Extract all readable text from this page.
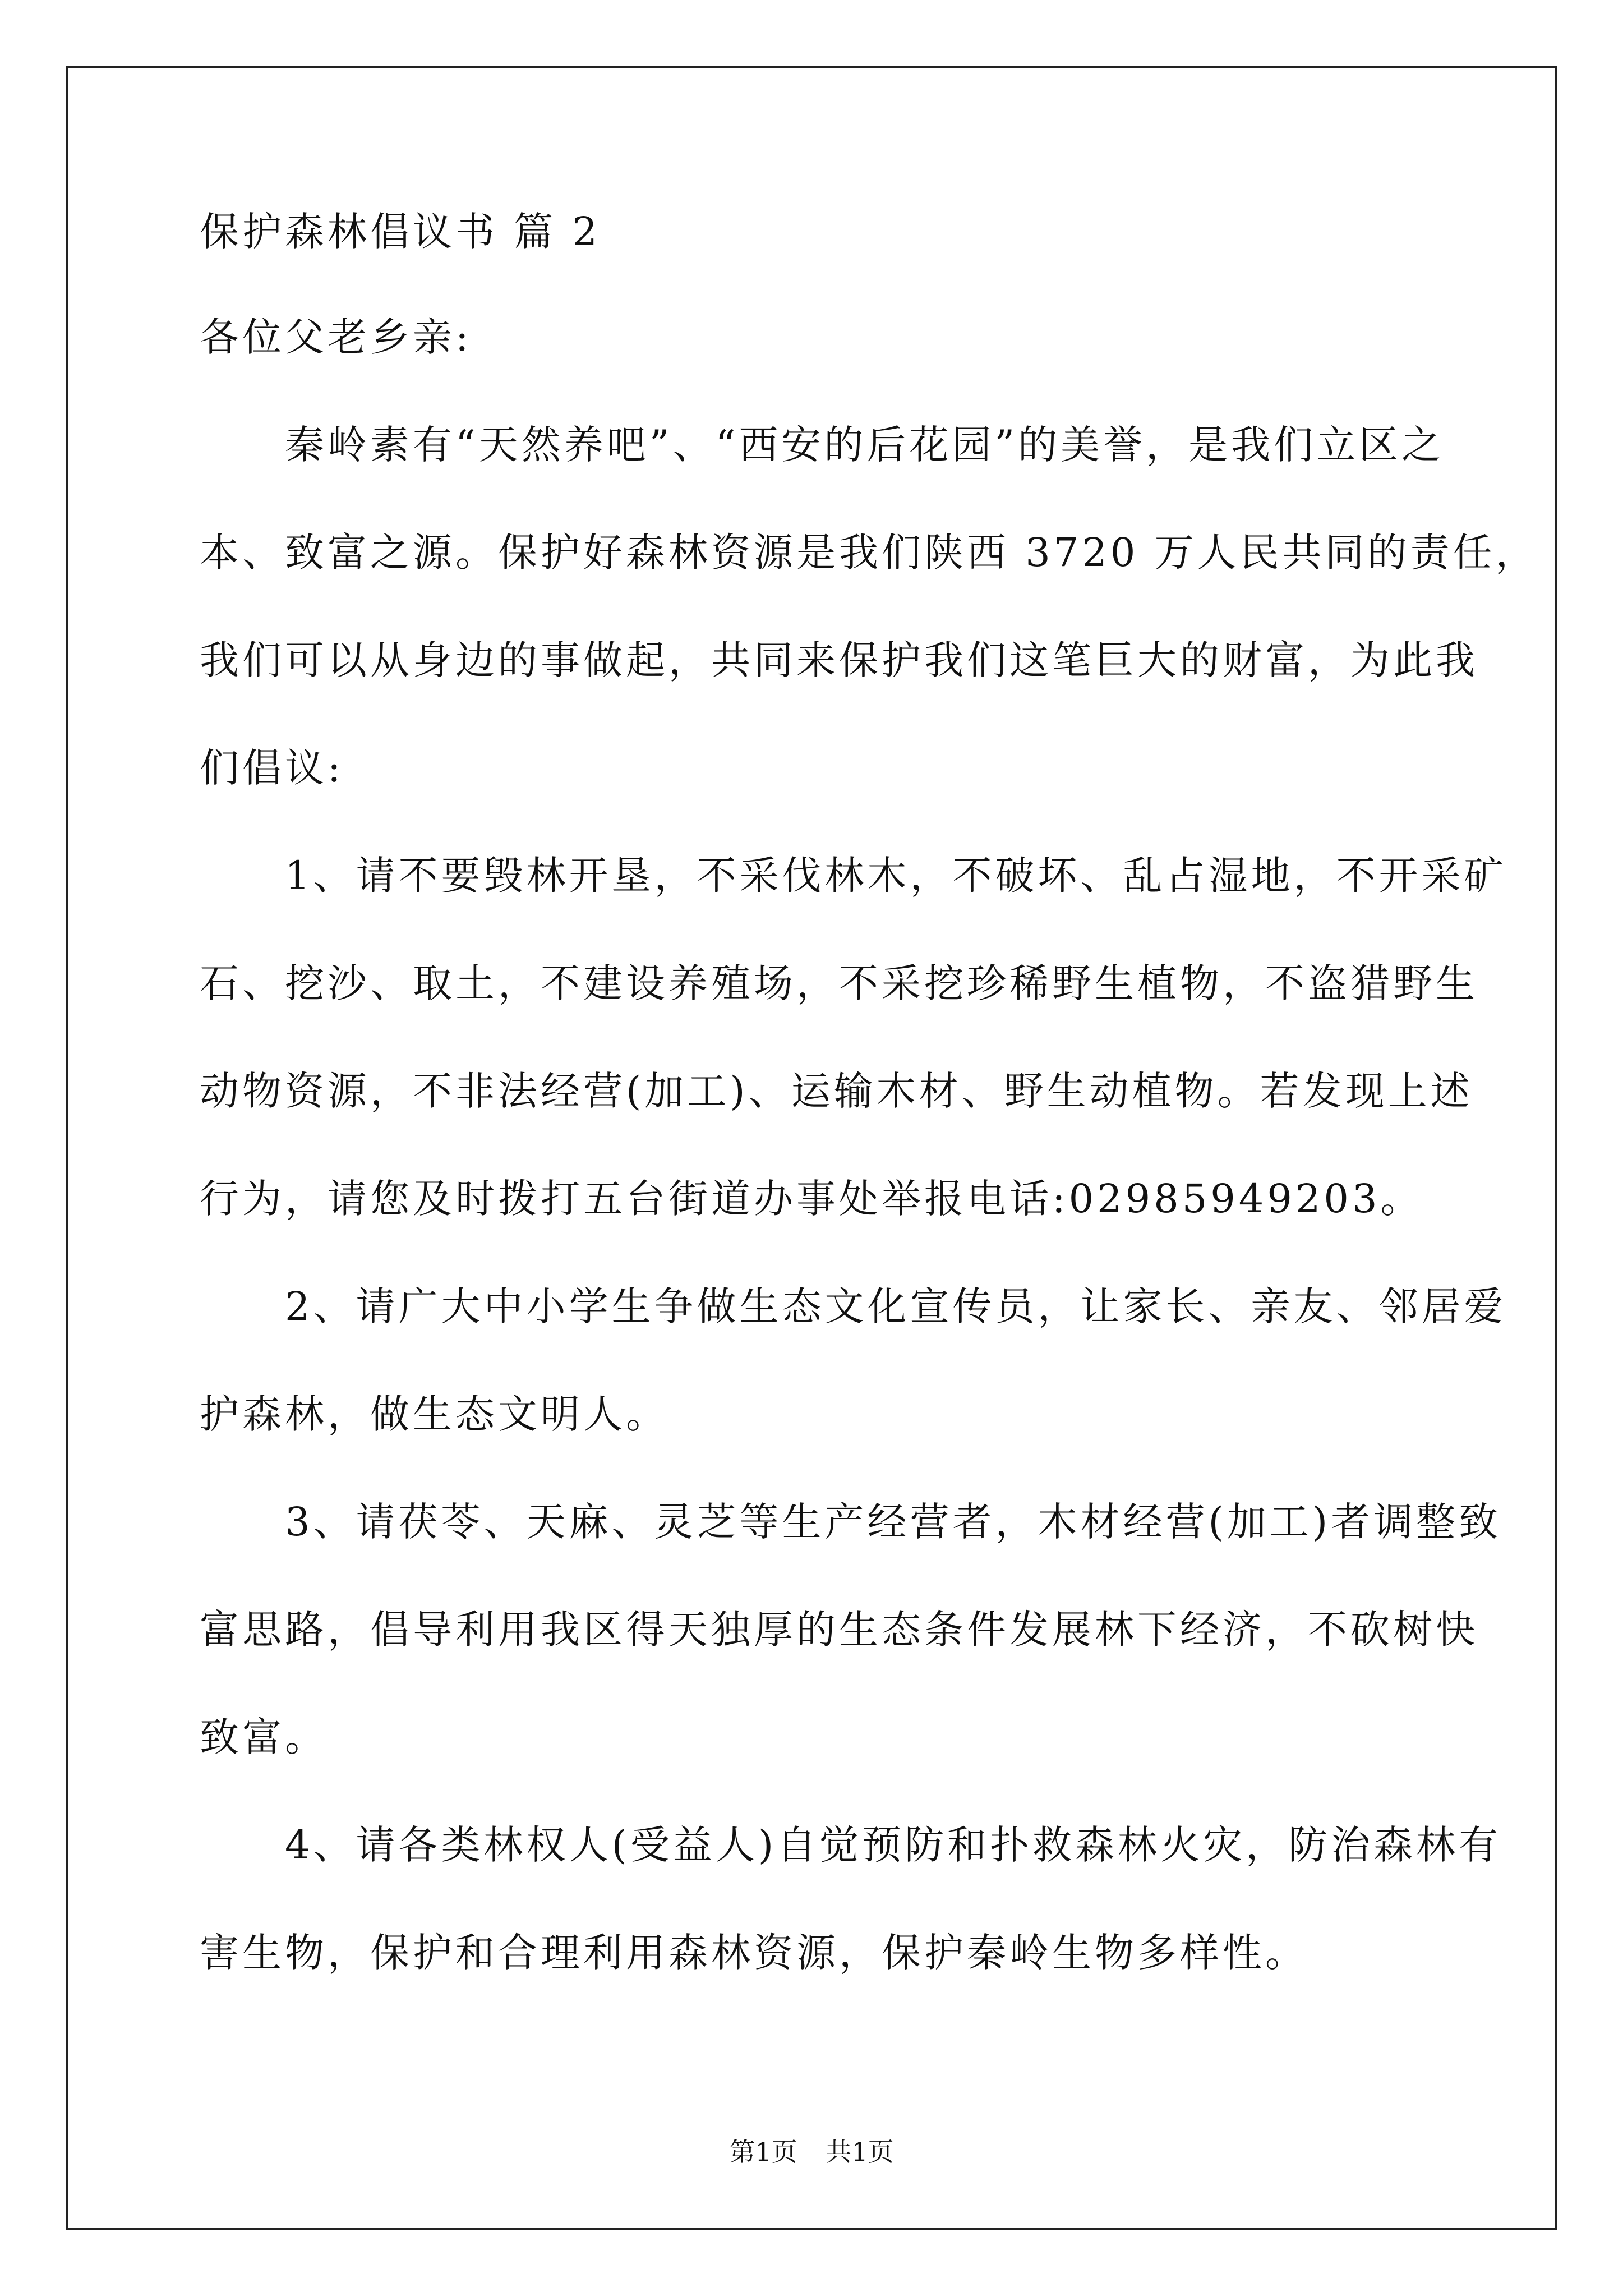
保护森林倡议书 篇 2
各位父老乡亲:
　　秦岭素有“天然养吧”、“西安的后花园”的美誉，是我们立区之
本、致富之源。保护好森林资源是我们陕西 3720 万人民共同的责任，
我们可以从身边的事做起，共同来保护我们这笔巨大的财富，为此我
们倡议:
　　1、请不要毁林开垦，不采伐林木，不破坏、乱占湿地，不开采矿
石、挖沙、取土，不建设养殖场，不采挖珍稀野生植物，不盗猎野生
动物资源，不非法经营(加工)、运输木材、野生动植物。若发现上述
行为，请您及时拨打五台街道办事处举报电话:02985949203。
　　2、请广大中小学生争做生态文化宣传员，让家长、亲友、邻居爱
护森林，做生态文明人。
　　3、请茯苓、天麻、灵芝等生产经营者，木材经营(加工)者调整致
富思路，倡导利用我区得天独厚的生态条件发展林下经济，不砍树快
致富。
　　4、请各类林权人(受益人)自觉预防和扑救森林火灾，防治森林有
害生物，保护和合理利用森林资源，保护秦岭生物多样性。
第1页 共1页
